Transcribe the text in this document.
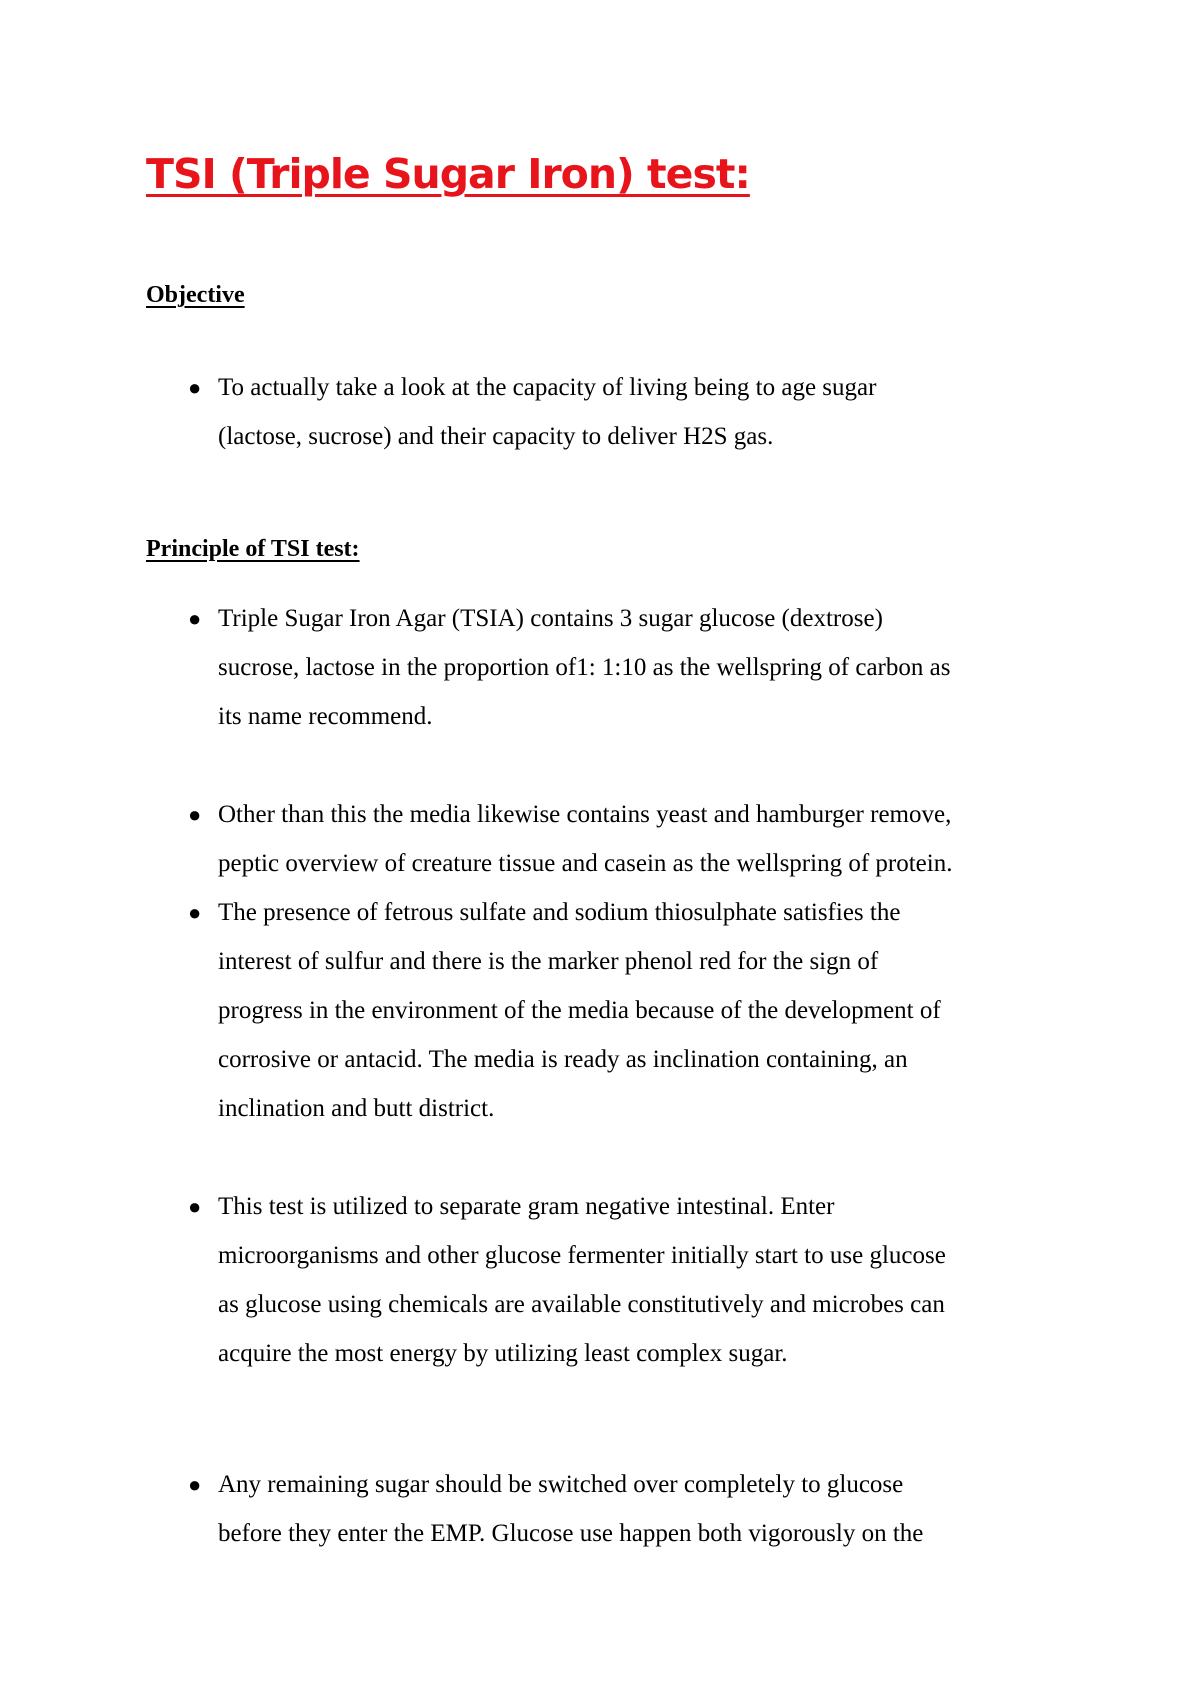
TSI (Triple Sugar Iron) test:
Objective
● To actually take a look at the capacity of living being to age sugar
(lactose, sucrose) and their capacity to deliver H2S gas.
Principle of TSI test:
● Triple Sugar Iron Agar (TSIA) contains 3 sugar glucose (dextrose)
sucrose, lactose in the proportion of1: 1:10 as the wellspring of carbon as
its name recommend.
● Other than this the media likewise contains yeast and hamburger remove,
peptic overview of creature tissue and casein as the wellspring of protein.
● The presence of fetrous sulfate and sodium thiosulphate satisfies the
interest of sulfur and there is the marker phenol red for the sign of
progress in the environment of the media because of the development of
corrosive or antacid. The media is ready as inclination containing, an
inclination and butt district.
● This test is utilized to separate gram negative intestinal. Enter
microorganisms and other glucose fermenter initially start to use glucose
as glucose using chemicals are available constitutively and microbes can
acquire the most energy by utilizing least complex sugar.
● Any remaining sugar should be switched over completely to glucose
before they enter the EMP. Glucose use happen both vigorously on the
